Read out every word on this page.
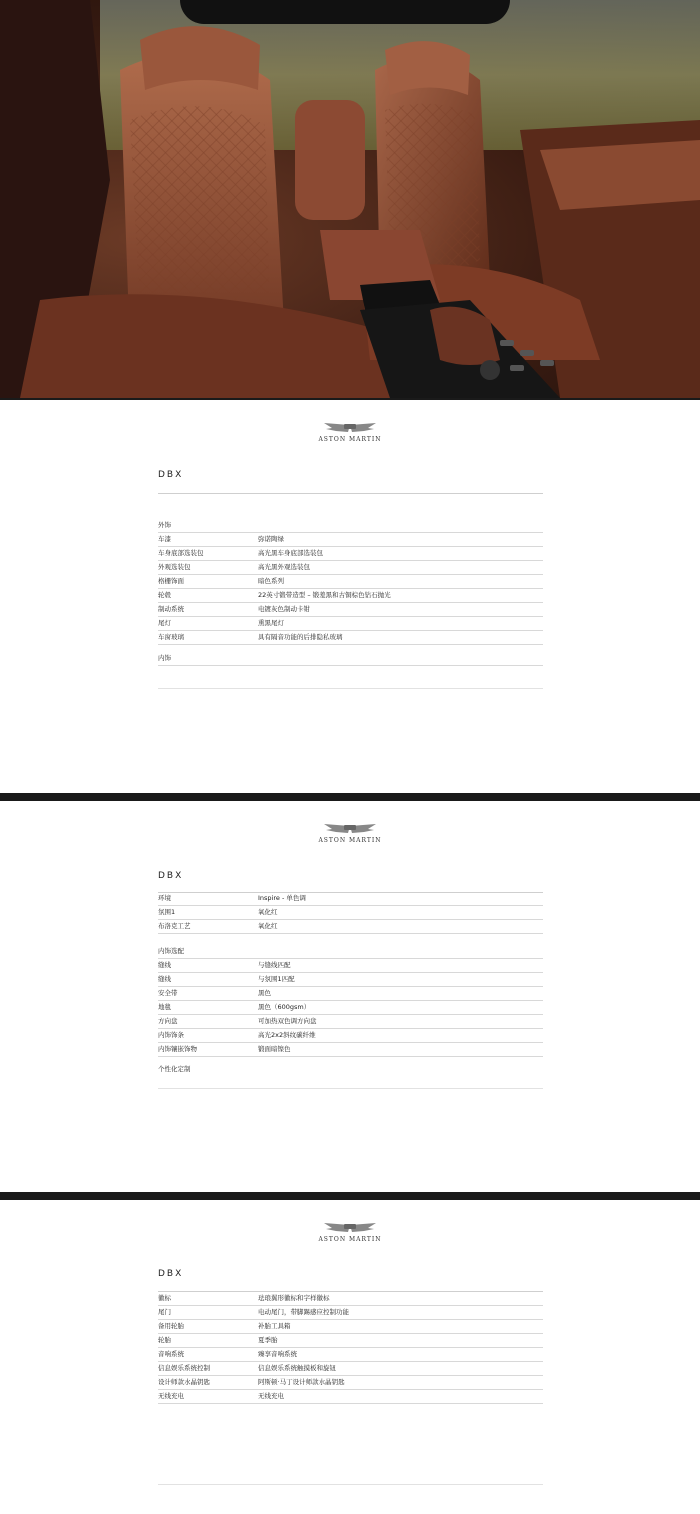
ASTON MARTIN
DBX
外饰
车漆	弥诺陶绿
车身底部选装包	高光黑车身底部选装包
外观选装包	高光黑外观选装包
格栅饰面	暗色系列
轮毂	22英寸锻带造型 – 锻羞黑和古铜棕色钻石抛光
制动系统	电镀灰色制动卡钳
尾灯	熏黑尾灯
车窗玻璃	具有隔音功能的后排隐私玻璃
内饰
ASTON MARTIN
DBX
环境	Inspire - 单色调
氛围1	氧化红
布洛克工艺	氧化红
内饰选配
缝线	与缝线匹配
缝线	与氛围1匹配
安全带	黑色
地毯	黑色（600gsm）
方向盘	可加热双色调方向盘
内饰饰条	高光2x2斜纹碳纤维
内饰镶嵌饰物	锻面暗镍色
个性化定制
ASTON MARTIN
DBX
徽标	珐琅翼形徽标和字样徽标
尾门	电动尾门，带脚踢感应控制功能
备用轮胎	补胎工具箱
轮胎	夏季胎
音响系统	臻享音响系统
信息娱乐系统控制	信息娱乐系统触摸板和旋钮
设计师款水晶钥匙	阿斯顿·马丁设计师款水晶钥匙
无线充电	无线充电
